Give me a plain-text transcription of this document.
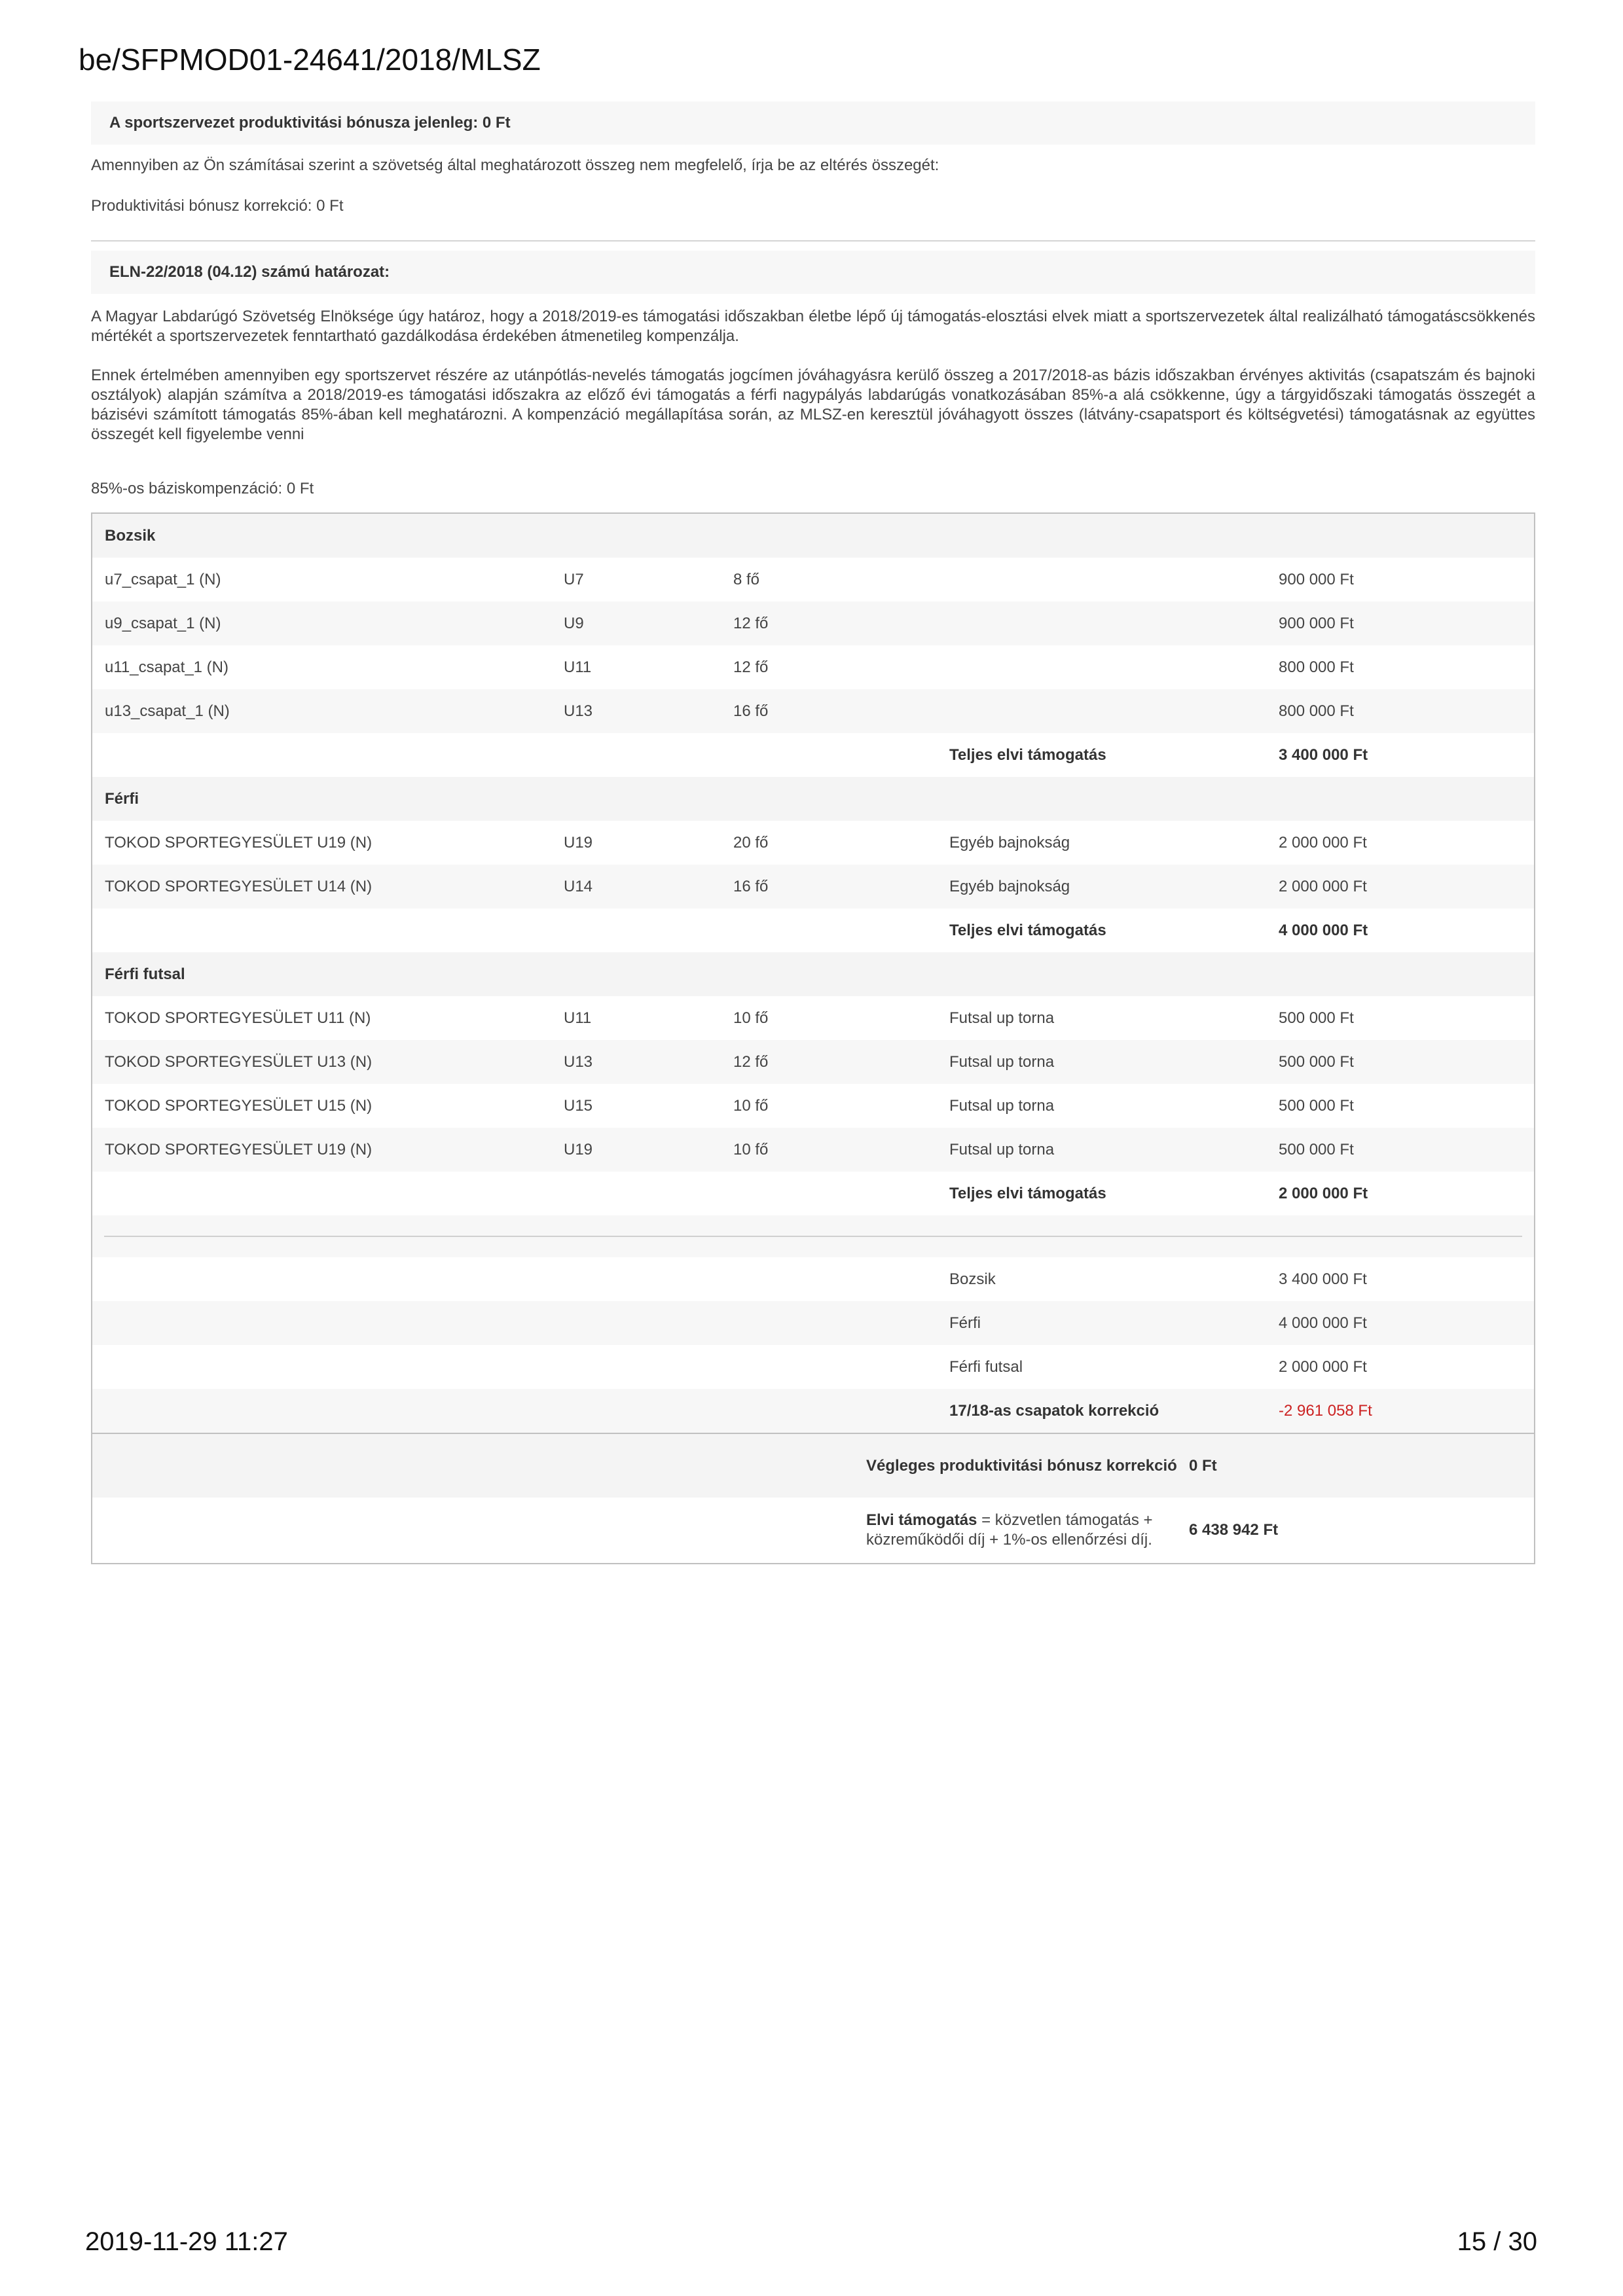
be/SFPMOD01-24641/2018/MLSZ
A sportszervezet produktivitási bónusza jelenleg: 0 Ft
Amennyiben az Ön számításai szerint a szövetség által meghatározott összeg nem megfelelő, írja be az eltérés összegét:
Produktivitási bónusz korrekció: 0 Ft
ELN-22/2018 (04.12) számú határozat:

A Magyar Labdarúgó Szövetség Elnöksége úgy határoz, hogy a 2018/2019-es támogatási időszakban életbe lépő új támogatás-elosztási elvek miatt a sportszervezetek által realizálható támogatáscsökkenés mértékét a sportszervezetek fenntartható gazdálkodása érdekében átmenetileg kompenzálja.

Ennek értelmében amennyiben egy sportszervet részére az utánpótlás-nevelés támogatás jogcímen jóváhagyásra kerülő összeg a 2017/2018-as bázis időszakban érvényes aktivitás (csapatszám és bajnoki osztályok) alapján számítva a 2018/2019-es támogatási időszakra az előző évi támogatás a férfi nagypályás labdarúgás vonatkozásában 85%-a alá csökkenne, úgy a tárgyidőszaki támogatás összegét a bázisévi számított támogatás 85%-ában kell meghatározni. A kompenzáció megállapítása során, az MLSZ-en keresztül jóváhagyott összes (látvány-csapatsport és költségvetési) támogatásnak az együttes összegét kell figyelembe venni

85%-os báziskompenzáció: 0 Ft
Bozsik				
u7_csapat_1 (N)	U7	8 fő		900 000 Ft
u9_csapat_1 (N)	U9	12 fő		900 000 Ft
u11_csapat_1 (N)	U11	12 fő		800 000 Ft
u13_csapat_1 (N)	U13	16 fő		800 000 Ft
			Teljes elvi támogatás	3 400 000 Ft
Férfi				
TOKOD SPORTEGYESÜLET U19 (N)	U19	20 fő	Egyéb bajnokság	2 000 000 Ft
TOKOD SPORTEGYESÜLET U14 (N)	U14	16 fő	Egyéb bajnokság	2 000 000 Ft
			Teljes elvi támogatás	4 000 000 Ft
Férfi futsal				
TOKOD SPORTEGYESÜLET U11 (N)	U11	10 fő	Futsal up torna	500 000 Ft
TOKOD SPORTEGYESÜLET U13 (N)	U13	12 fő	Futsal up torna	500 000 Ft
TOKOD SPORTEGYESÜLET U15 (N)	U15	10 fő	Futsal up torna	500 000 Ft
TOKOD SPORTEGYESÜLET U19 (N)	U19	10 fő	Futsal up torna	500 000 Ft
			Teljes elvi támogatás	2 000 000 Ft

			Bozsik	3 400 000 Ft
			Férfi	4 000 000 Ft
			Férfi futsal	2 000 000 Ft
			17/18-as csapatok korrekció	-2 961 058 Ft
	Végleges produktivitási bónusz korrekció	0 Ft
	Elvi támogatás = közvetlen támogatás + közreműködői díj + 1%-os ellenőrzési díj.	6 438 942 Ft
2019-11-29 11:27	15 / 30
